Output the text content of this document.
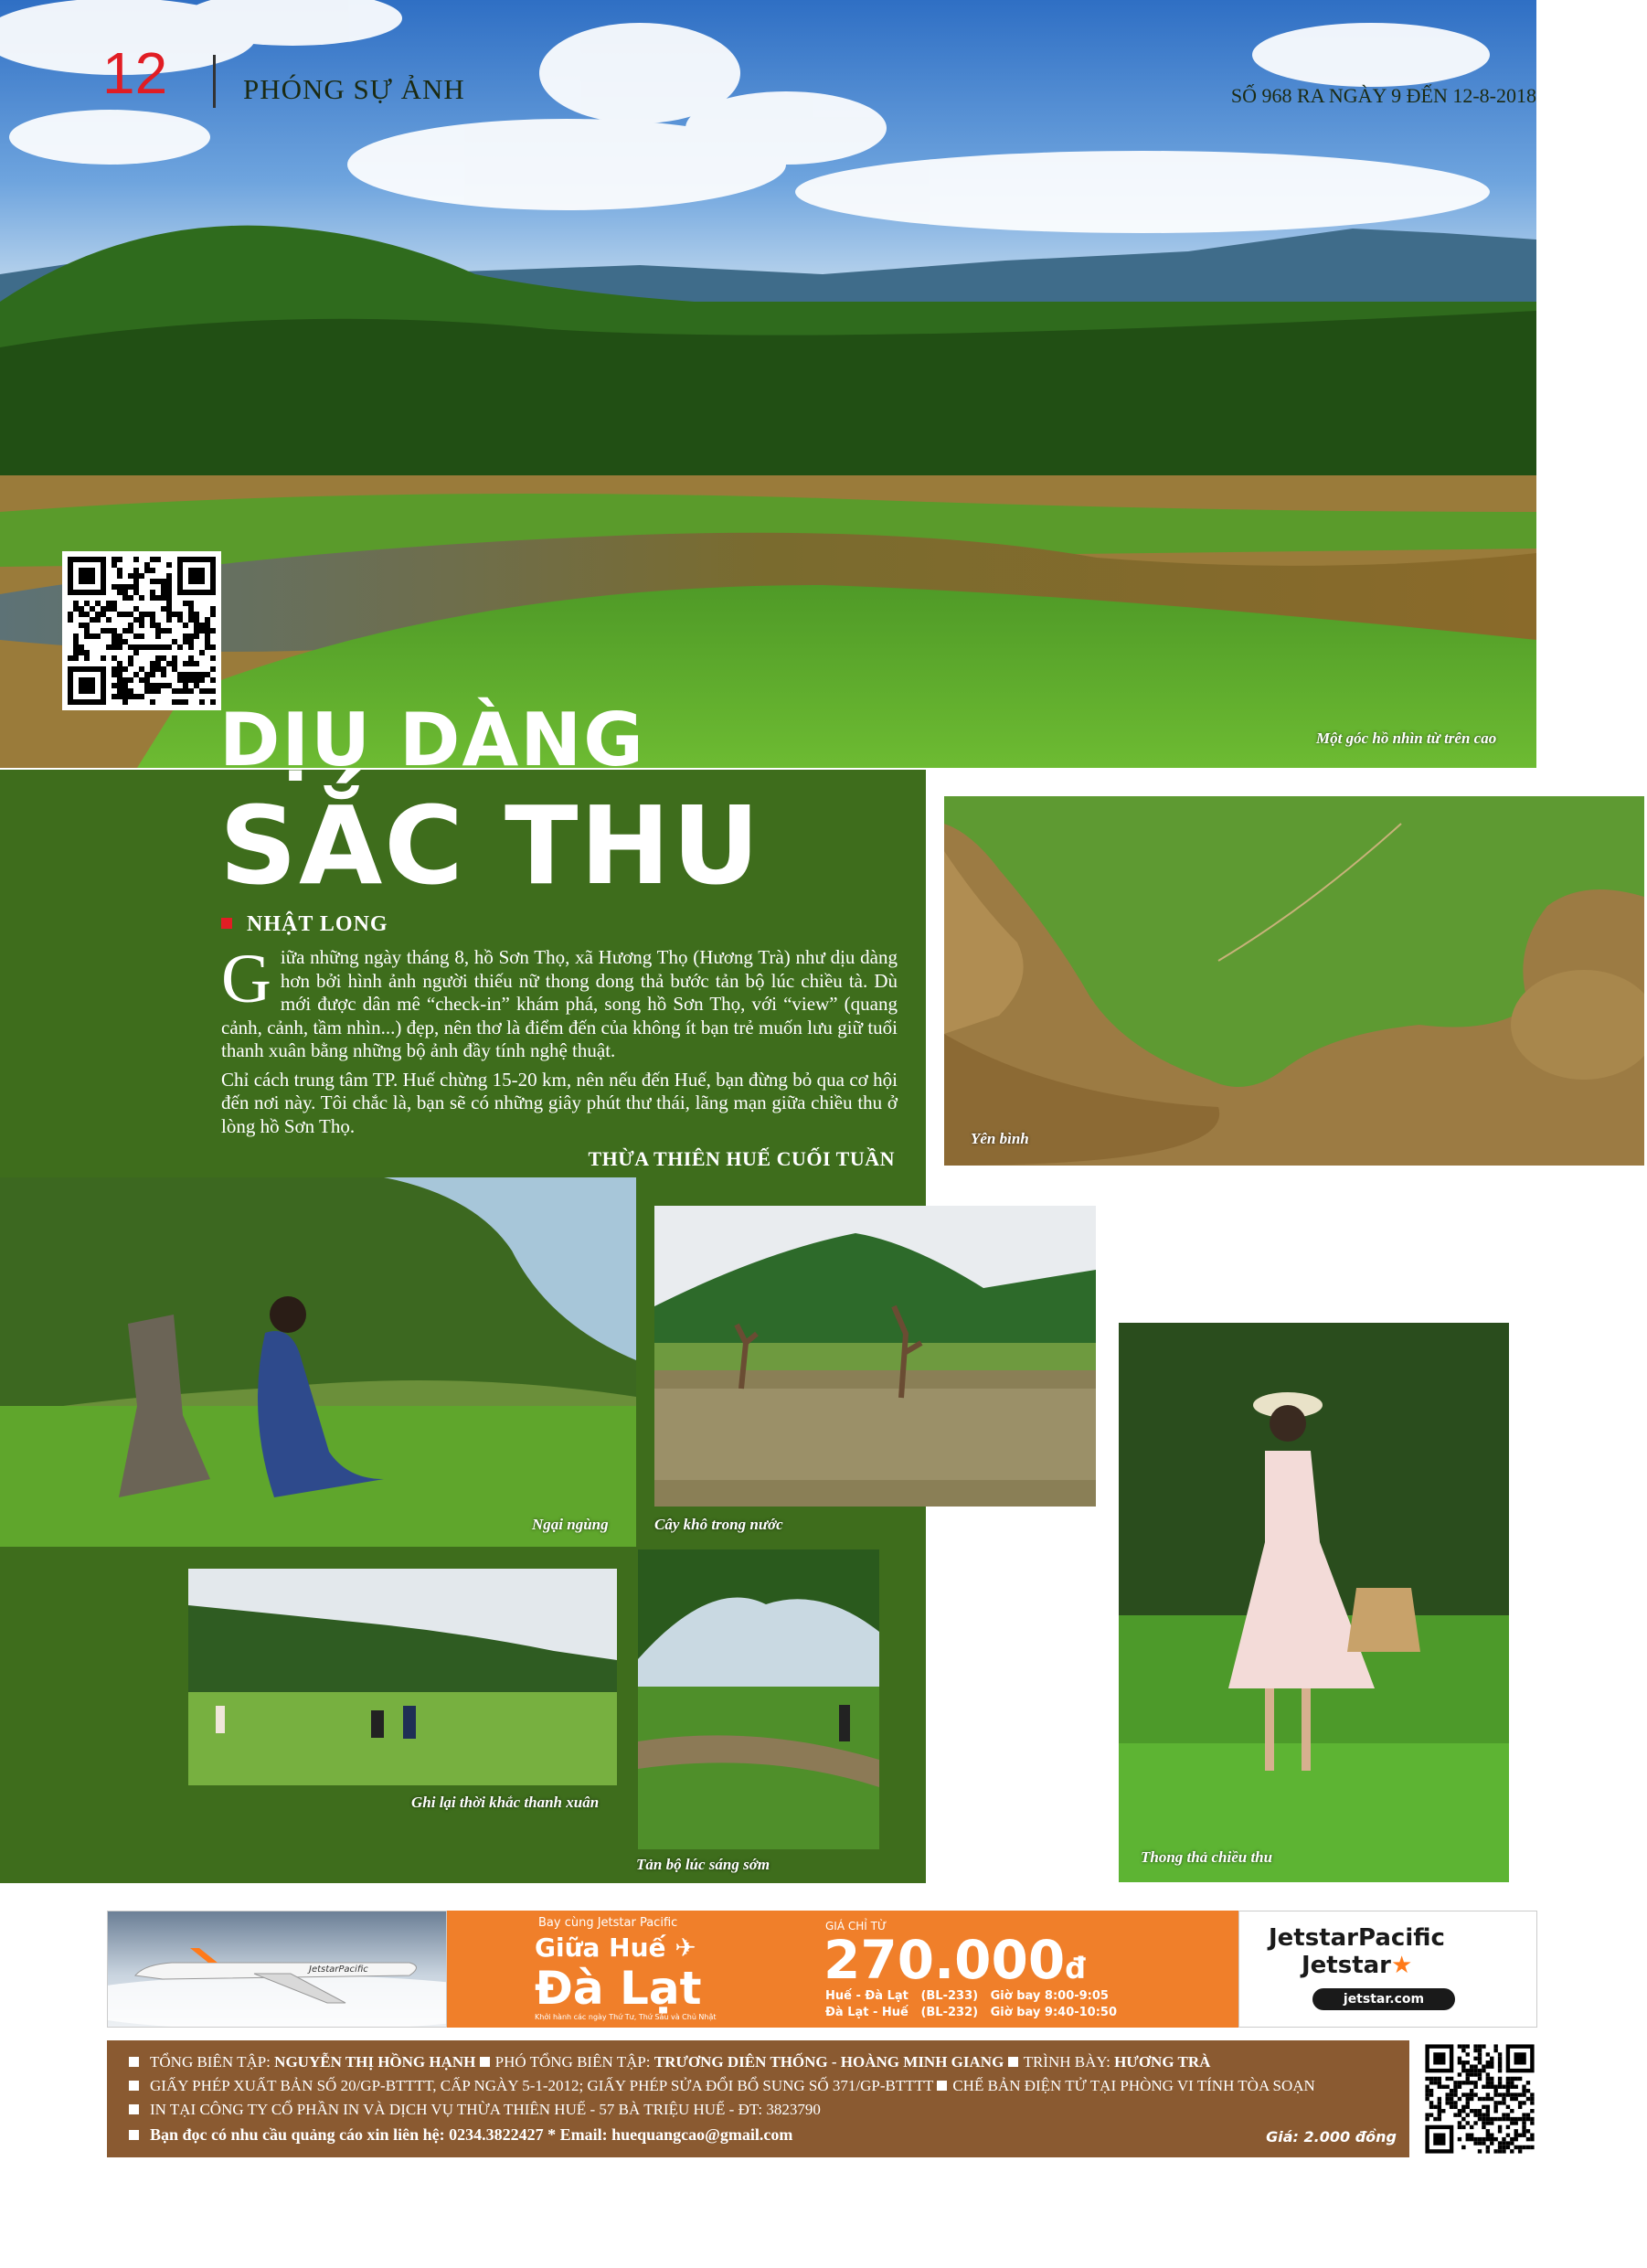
12	PHÓNG SỰ ẢNH	SỐ 968 RA NGÀY 9 ĐẾN 12-8-2018
Một góc hồ nhìn từ trên cao
DỊU DÀNG
SẮC THU
NHẬT LONG

Giữa những ngày tháng 8, hồ Sơn Thọ, xã Hương Thọ (Hương Trà) như dịu dàng hơn bởi hình ảnh người thiếu nữ thong dong thả bước tản bộ lúc chiều tà. Dù mới được dân mê “check-in” khám phá, song hồ Sơn Thọ, với “view” (quang cảnh, cảnh, tầm nhìn...) đẹp, nên thơ là điểm đến của không ít bạn trẻ muốn lưu giữ tuổi thanh xuân bằng những bộ ảnh đầy tính nghệ thuật.

Chỉ cách trung tâm TP. Huế chừng 15-20 km, nên nếu đến Huế, bạn đừng bỏ qua cơ hội đến nơi này. Tôi chắc là, bạn sẽ có những giây phút thư thái, lãng mạn giữa chiều thu ở lòng hồ Sơn Thọ.

THỪA THIÊN HUẾ CUỐI TUẦN
Yên bình
Ngại ngùng	Cây khô trong nước
Thong thả chiều thu
Ghi lại thời khắc thanh xuân
Tản bộ lúc sáng sớm
JetstarPacific
Bay cùng Jetstar Pacific
Giữa Huế ✈
Đà Lạt
Khởi hành các ngày Thứ Tư, Thứ Sáu và Chủ Nhật
GIÁ CHỈ TỪ
270.000đ
Huế - Đà Lạt (BL-233) Giờ bay 8:00-9:05
Đà Lạt - Huế (BL-232) Giờ bay 9:40-10:50
JetstarPacific
Jetstar★
jetstar.com
TỔNG BIÊN TẬP: NGUYỄN THỊ HỒNG HẠNH PHÓ TỔNG BIÊN TẬP: TRƯƠNG DIÊN THỐNG - HOÀNG MINH GIANG TRÌNH BÀY: HƯƠNG TRÀ
GIẤY PHÉP XUẤT BẢN SỐ 20/GP-BTTTT, CẤP NGÀY 5-1-2012; GIẤY PHÉP SỬA ĐỔI BỔ SUNG SỐ 371/GP-BTTTT CHẾ BẢN ĐIỆN TỬ TẠI PHÒNG VI TÍNH TÒA SOẠN
IN TẠI CÔNG TY CỔ PHẦN IN VÀ DỊCH VỤ THỪA THIÊN HUẾ - 57 BÀ TRIỆU HUẾ - ĐT: 3823790
Bạn đọc có nhu cầu quảng cáo xin liên hệ: 0234.3822427 * Email: huequangcao@gmail.com	Giá: 2.000 đồng
